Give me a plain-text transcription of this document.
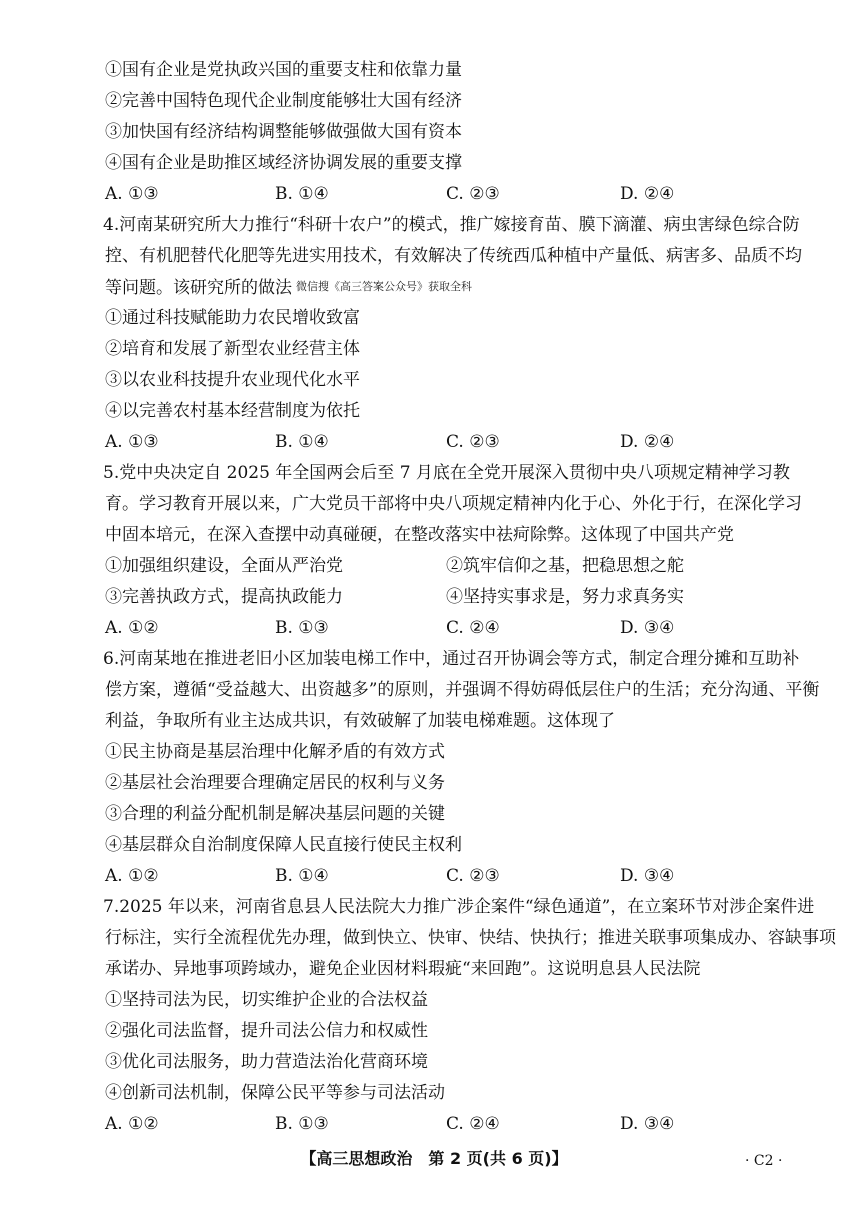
①国有企业是党执政兴国的重要支柱和依靠力量

②完善中国特色现代企业制度能够壮大国有经济

③加快国有经济结构调整能够做强做大国有资本

④国有企业是助推区域经济协调发展的重要支撑

A. ①③	B. ①④	C. ②③	D. ②④

4.河南某研究所大力推行“科研十农户”的模式，推广嫁接育苗、膜下滴灌、病虫害绿色综合防

控、有机肥替代化肥等先进实用技术，有效解决了传统西瓜种植中产量低、病害多、品质不均

等问题。该研究所的做法 微信搜《高三答案公众号》获取全科

①通过科技赋能助力农民增收致富

②培育和发展了新型农业经营主体

③以农业科技提升农业现代化水平

④以完善农村基本经营制度为依托

A. ①③	B. ①④	C. ②③	D. ②④

5.党中央决定自 2025 年全国两会后至 7 月底在全党开展深入贯彻中央八项规定精神学习教

育。学习教育开展以来，广大党员干部将中央八项规定精神内化于心、外化于行，在深化学习

中固本培元，在深入查摆中动真碰硬，在整改落实中祛疴除弊。这体现了中国共产党

①加强组织建设，全面从严治党	②筑牢信仰之基，把稳思想之舵
③完善执政方式，提高执政能力	④坚持实事求是，努力求真务实
A. ①②	B. ①③	C. ②④	D. ③④

6.河南某地在推进老旧小区加装电梯工作中，通过召开协调会等方式，制定合理分摊和互助补

偿方案，遵循“受益越大、出资越多”的原则，并强调不得妨碍低层住户的生活；充分沟通、平衡

利益，争取所有业主达成共识，有效破解了加装电梯难题。这体现了

①民主协商是基层治理中化解矛盾的有效方式

②基层社会治理要合理确定居民的权利与义务

③合理的利益分配机制是解决基层问题的关键

④基层群众自治制度保障人民直接行使民主权利

A. ①②	B. ①④	C. ②③	D. ③④

7.2025 年以来，河南省息县人民法院大力推广涉企案件“绿色通道”，在立案环节对涉企案件进

行标注，实行全流程优先办理，做到快立、快审、快结、快执行；推进关联事项集成办、容缺事项

承诺办、异地事项跨域办，避免企业因材料瑕疵“来回跑”。这说明息县人民法院

①坚持司法为民，切实维护企业的合法权益

②强化司法监督，提升司法公信力和权威性

③优化司法服务，助力营造法治化营商环境

④创新司法机制，保障公民平等参与司法活动

A. ①②	B. ①③	C. ②④	D. ③④
【高三思想政治　第 2 页(共 6 页)】	· C2 ·
